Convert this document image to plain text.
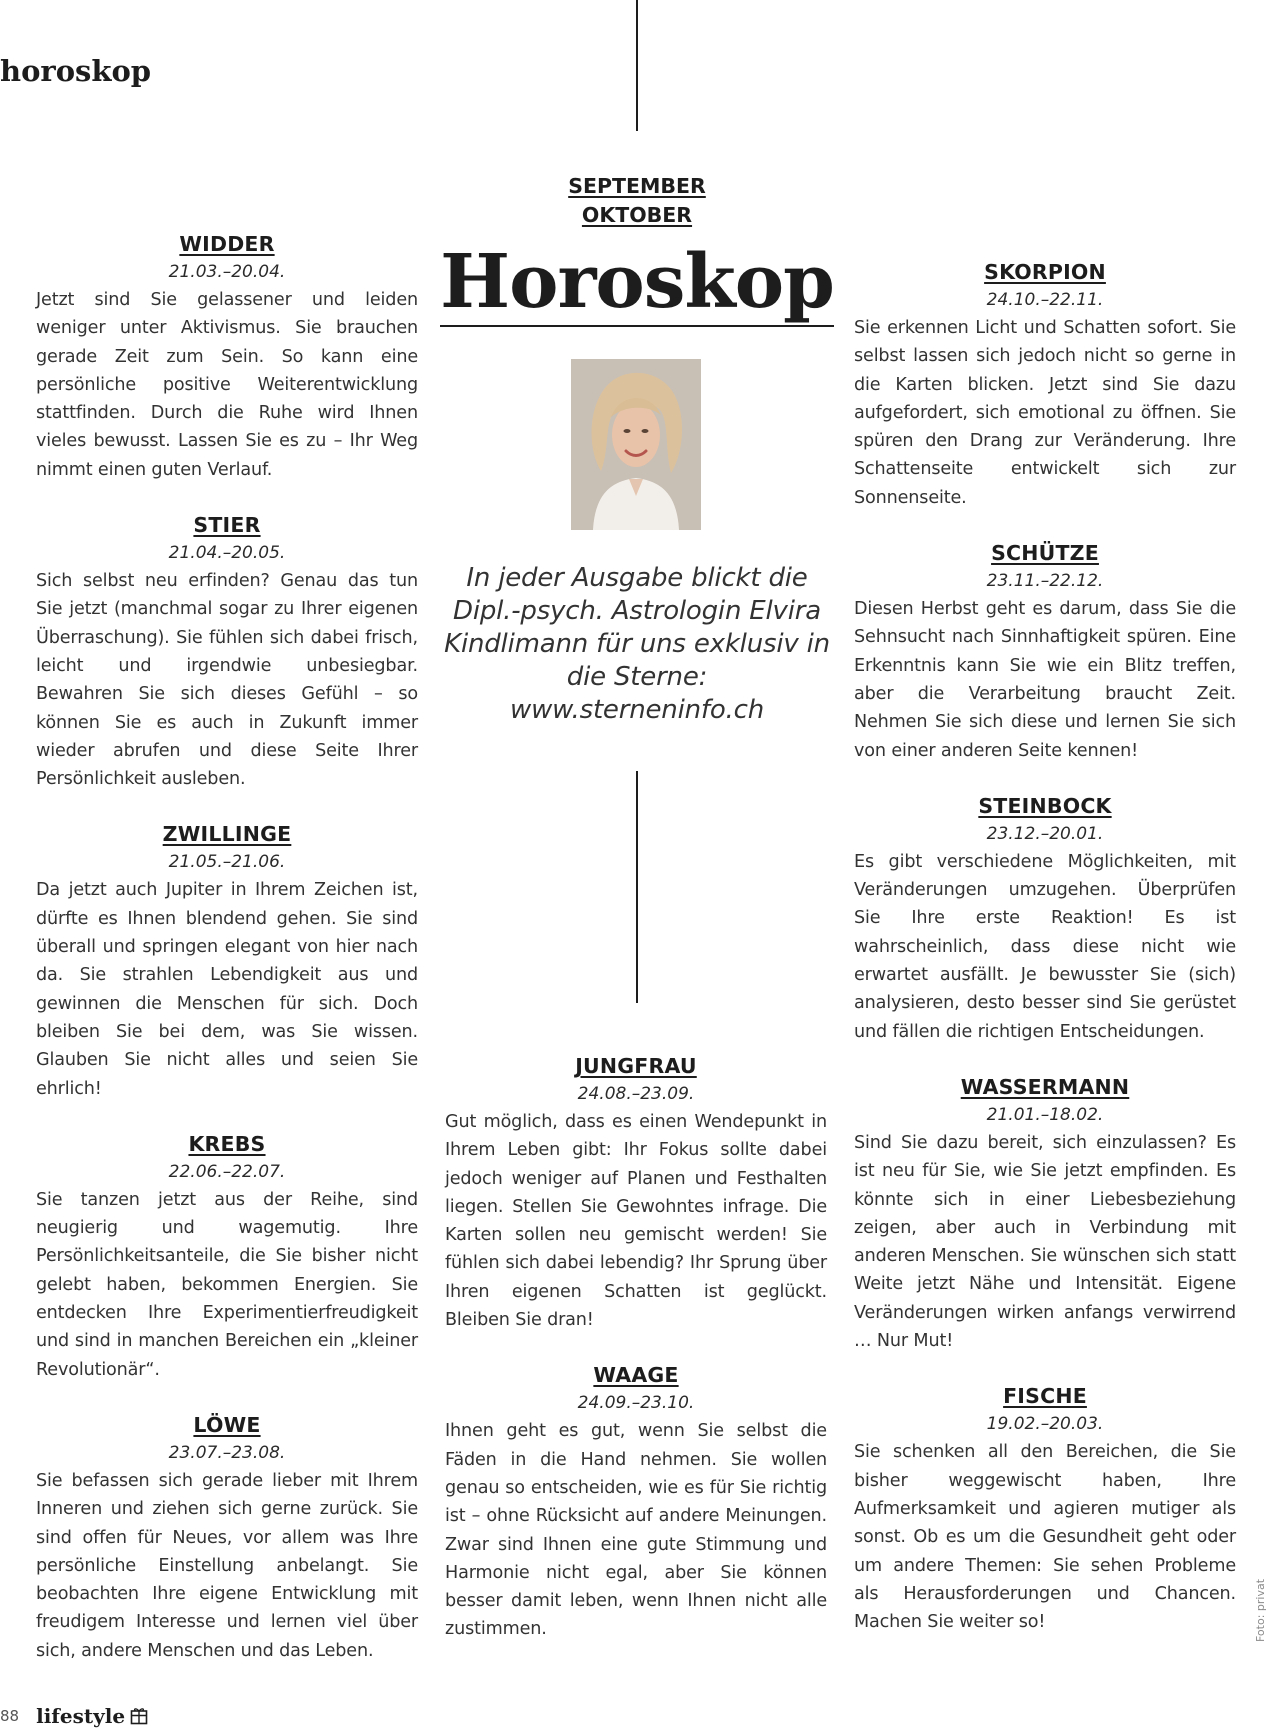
horoskop
SEPTEMBER
OKTOBER
Horoskop

In jeder Ausgabe blickt die Dipl.-psych. Astrologin Elvira Kindlimann für uns exklusiv in die Sterne: www.sterneninfo.ch

WIDDER
21.03.–20.04.

Jetzt sind Sie gelassener und leiden weniger unter Aktivismus. Sie brauchen gerade Zeit zum Sein. So kann eine persönliche positive Weiterentwicklung stattfinden. Durch die Ruhe wird Ihnen vieles bewusst. Lassen Sie es zu – Ihr Weg nimmt einen guten Verlauf.

STIER
21.04.–20.05.

Sich selbst neu erfinden? Genau das tun Sie jetzt (manchmal sogar zu Ihrer eigenen Überraschung). Sie fühlen sich dabei frisch, leicht und irgendwie unbesiegbar. Bewahren Sie sich dieses Gefühl – so können Sie es auch in Zukunft immer wieder abrufen und diese Seite Ihrer Persönlichkeit ausleben.

ZWILLINGE
21.05.–21.06.

Da jetzt auch Jupiter in Ihrem Zeichen ist, dürfte es Ihnen blendend gehen. Sie sind überall und springen elegant von hier nach da. Sie strahlen Lebendigkeit aus und gewinnen die Menschen für sich. Doch bleiben Sie bei dem, was Sie wissen. Glauben Sie nicht alles und seien Sie ehrlich!

KREBS
22.06.–22.07.

Sie tanzen jetzt aus der Reihe, sind neugierig und wagemutig. Ihre Persönlichkeitsanteile, die Sie bisher nicht gelebt haben, bekommen Energien. Sie entdecken Ihre Experimentierfreudigkeit und sind in manchen Bereichen ein „kleiner Revolutionär“.

LÖWE
23.07.–23.08.

Sie befassen sich gerade lieber mit Ihrem Inneren und ziehen sich gerne zurück. Sie sind offen für Neues, vor allem was Ihre persönliche Einstellung anbelangt. Sie beobachten Ihre eigene Entwicklung mit freudigem Interesse und lernen viel über sich, andere Menschen und das Leben.

JUNGFRAU
24.08.–23.09.

Gut möglich, dass es einen Wendepunkt in Ihrem Leben gibt: Ihr Fokus sollte dabei jedoch weniger auf Planen und Festhalten liegen. Stellen Sie Gewohntes infrage. Die Karten sollen neu gemischt werden! Sie fühlen sich dabei lebendig? Ihr Sprung über Ihren eigenen Schatten ist geglückt. Bleiben Sie dran!

WAAGE
24.09.–23.10.

Ihnen geht es gut, wenn Sie selbst die Fäden in die Hand nehmen. Sie wollen genau so entscheiden, wie es für Sie richtig ist – ohne Rücksicht auf andere Meinungen. Zwar sind Ihnen eine gute Stimmung und Harmonie nicht egal, aber Sie können besser damit leben, wenn Ihnen nicht alle zustimmen.

SKORPION
24.10.–22.11.

Sie erkennen Licht und Schatten sofort. Sie selbst lassen sich jedoch nicht so gerne in die Karten blicken. Jetzt sind Sie dazu aufgefordert, sich emotional zu öffnen. Sie spüren den Drang zur Veränderung. Ihre Schattenseite entwickelt sich zur Sonnenseite.

SCHÜTZE
23.11.–22.12.

Diesen Herbst geht es darum, dass Sie die Sehnsucht nach Sinnhaftigkeit spüren. Eine Erkenntnis kann Sie wie ein Blitz treffen, aber die Verarbeitung braucht Zeit. Nehmen Sie sich diese und lernen Sie sich von einer anderen Seite kennen!

STEINBOCK
23.12.–20.01.

Es gibt verschiedene Möglichkeiten, mit Veränderungen umzugehen. Überprüfen Sie Ihre erste Reaktion! Es ist wahrscheinlich, dass diese nicht wie erwartet ausfällt. Je bewusster Sie (sich) analysieren, desto besser sind Sie gerüstet und fällen die richtigen Entscheidungen.

WASSERMANN
21.01.–18.02.

Sind Sie dazu bereit, sich einzulassen? Es ist neu für Sie, wie Sie jetzt empfinden. Es könnte sich in einer Liebesbeziehung zeigen, aber auch in Verbindung mit anderen Menschen. Sie wünschen sich statt Weite jetzt Nähe und Intensität. Eigene Veränderungen wirken anfangs verwirrend … Nur Mut!

FISCHE
19.02.–20.03.

Sie schenken all den Bereichen, die Sie bisher weggewischt haben, Ihre Aufmerksamkeit und agieren mutiger als sonst. Ob es um die Gesundheit geht oder um andere Themen: Sie sehen Probleme als Herausforderungen und Chancen. Machen Sie weiter so!	Foto: privat
88 lifestyle
